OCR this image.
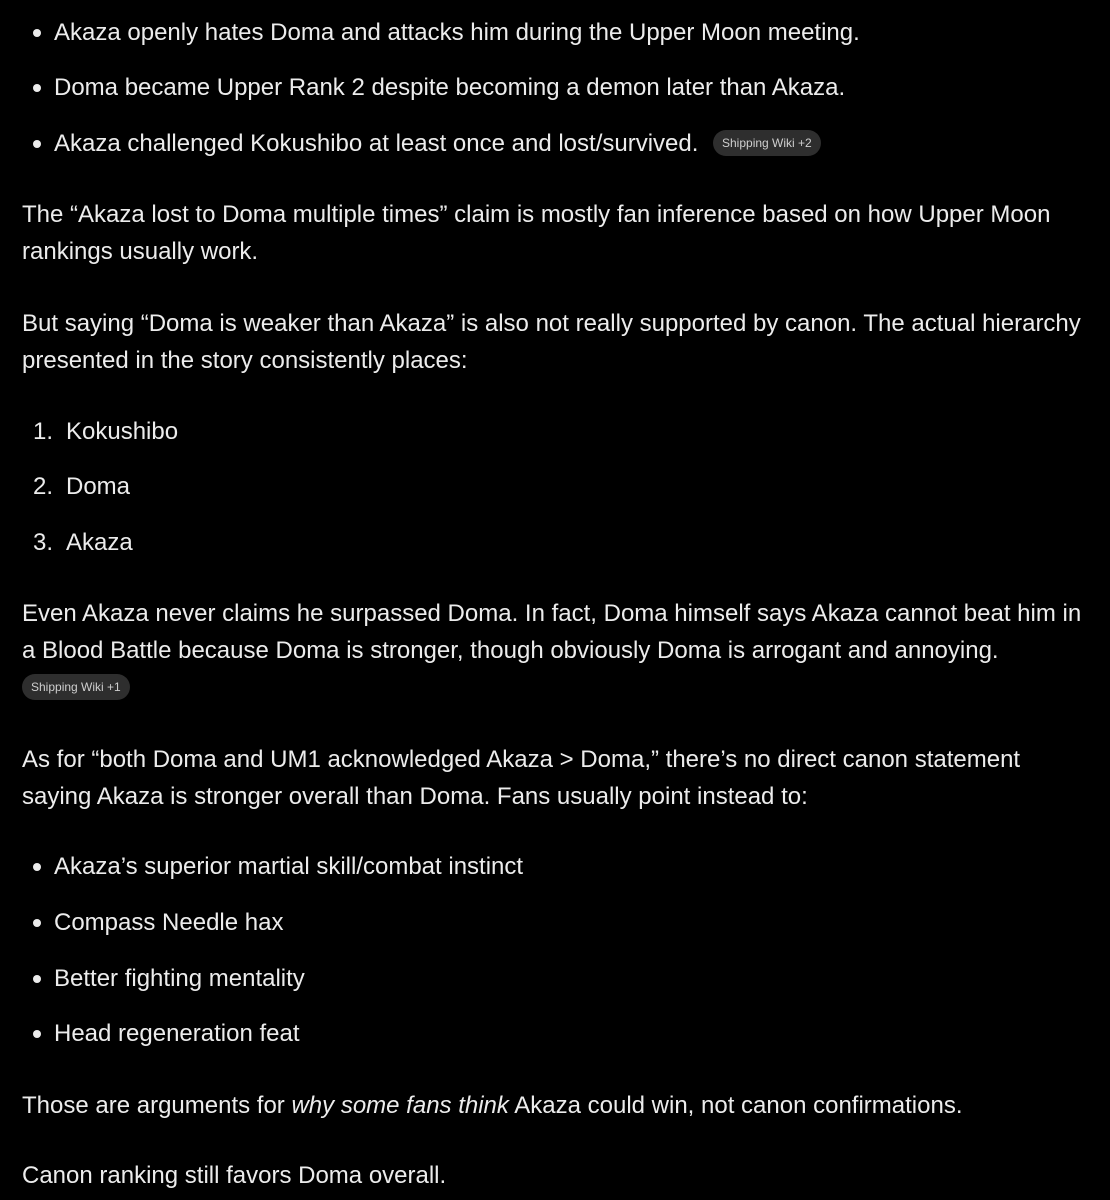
Akaza openly hates Doma and attacks him during the Upper Moon meeting.
Doma became Upper Rank 2 despite becoming a demon later than Akaza.
Akaza challenged Kokushibo at least once and lost/survived.	Shipping Wiki +2

The “Akaza lost to Doma multiple times” claim is mostly fan inference based on how Upper Moon
rankings usually work.

But saying “Doma is weaker than Akaza” is also not really supported by canon. The actual hierarchy
presented in the story consistently places:

1. Kokushibo
2. Doma
3. Akaza

Even Akaza never claims he surpassed Doma. In fact, Doma himself says Akaza cannot beat him in
a Blood Battle because Doma is stronger, though obviously Doma is arrogant and annoying.

Shipping Wiki +1

As for “both Doma and UM1 acknowledged Akaza > Doma,” there’s no direct canon statement
saying Akaza is stronger overall than Doma. Fans usually point instead to:

Akaza’s superior martial skill/combat instinct
Compass Needle hax
Better fighting mentality
Head regeneration feat

Those are arguments for why some fans think Akaza could win, not canon confirmations.

Canon ranking still favors Doma overall.
